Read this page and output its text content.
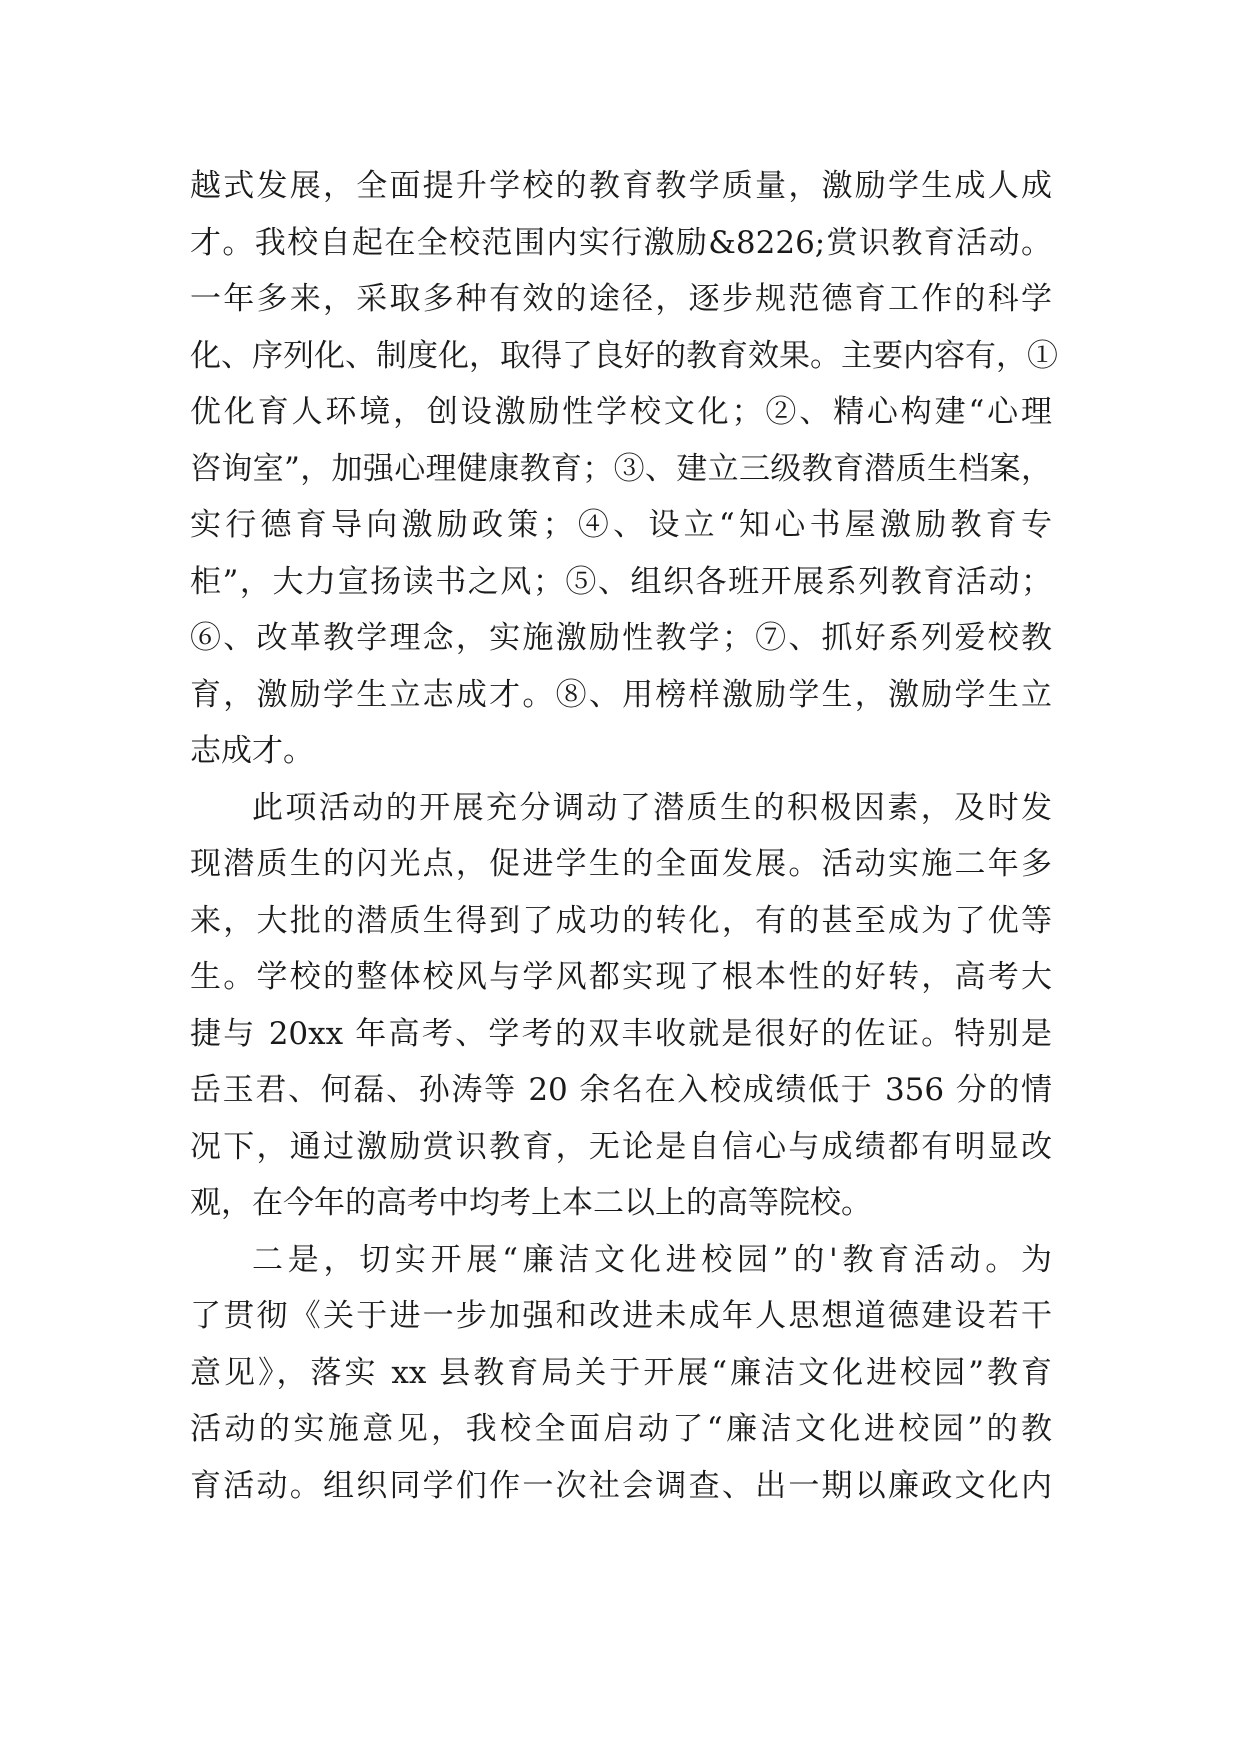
越式发展，全面提升学校的教育教学质量，激励学生成人成
才。我校自起在全校范围内实行激励&8226;赏识教育活动。
一年多来，采取多种有效的途径，逐步规范德育工作的科学
化、序列化、制度化，取得了良好的教育效果。主要内容有，①
优化育人环境，创设激励性学校文化；②、精心构建“心理
咨询室”，加强心理健康教育；③、建立三级教育潜质生档案，
实行德育导向激励政策；④、设立“知心书屋激励教育专
柜”，大力宣扬读书之风；⑤、组织各班开展系列教育活动；
⑥、改革教学理念，实施激励性教学；⑦、抓好系列爱校教
育，激励学生立志成才。⑧、用榜样激励学生，激励学生立
志成才。
此项活动的开展充分调动了潜质生的积极因素，及时发
现潜质生的闪光点，促进学生的全面发展。活动实施二年多
来，大批的潜质生得到了成功的转化，有的甚至成为了优等
生。学校的整体校风与学风都实现了根本性的好转，高考大
捷与 20xx 年高考、学考的双丰收就是很好的佐证。特别是
岳玉君、何磊、孙涛等 20 余名在入校成绩低于 356 分的情
况下，通过激励赏识教育，无论是自信心与成绩都有明显改
观，在今年的高考中均考上本二以上的高等院校。
二是，切实开展“廉洁文化进校园”的'教育活动。为
了贯彻《关于进一步加强和改进未成年人思想道德建设若干
意见》，落实 xx 县教育局关于开展“廉洁文化进校园”教育
活动的实施意见，我校全面启动了“廉洁文化进校园”的教
育活动。组织同学们作一次社会调查、出一期以廉政文化内
